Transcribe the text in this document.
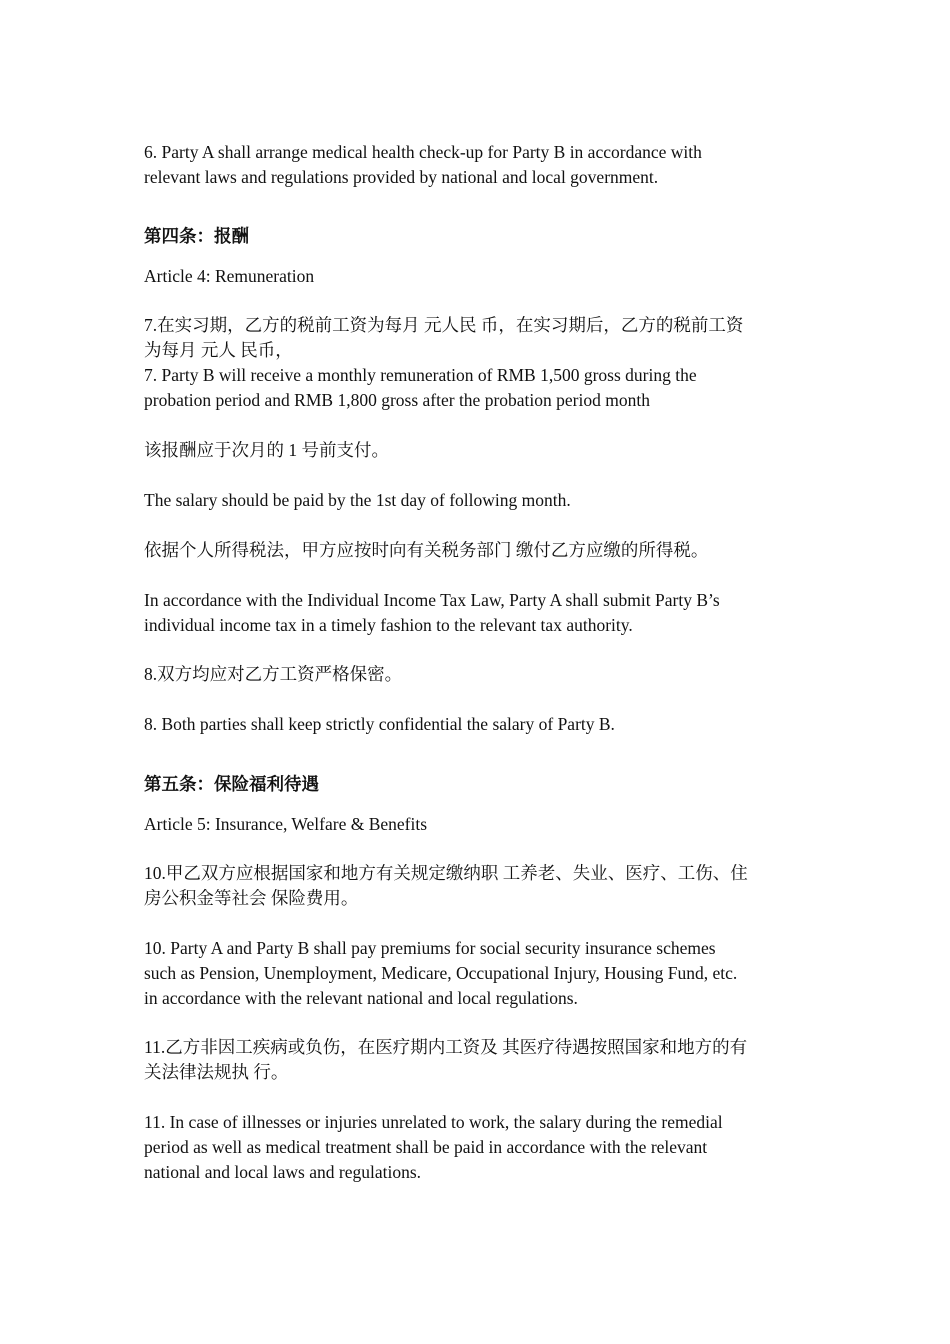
6. Party A shall arrange medical health check-up for Party B in accordance with
relevant laws and regulations provided by national and local government.

第四条：报酬

Article 4: Remuneration

7.在实习期，乙方的税前工资为每月 元人民 币，在实习期后，乙方的税前工资
为每月 元人 民币，
7. Party B will receive a monthly remuneration of RMB 1,500 gross during the
probation period and RMB 1,800 gross after the probation period month

该报酬应于次月的 1 号前支付。

The salary should be paid by the 1st day of following month.

依据个人所得税法，甲方应按时向有关税务部门 缴付乙方应缴的所得税。

In accordance with the Individual Income Tax Law, Party A shall submit Party B’s
individual income tax in a timely fashion to the relevant tax authority.

8.双方均应对乙方工资严格保密。

8. Both parties shall keep strictly confidential the salary of Party B.

第五条：保险福利待遇

Article 5: Insurance, Welfare & Benefits

10.甲乙双方应根据国家和地方有关规定缴纳职 工养老、失业、医疗、工伤、住
房公积金等社会 保险费用。

10. Party A and Party B shall pay premiums for social security insurance schemes
such as Pension, Unemployment, Medicare, Occupational Injury, Housing Fund, etc.
in accordance with the relevant national and local regulations.

11.乙方非因工疾病或负伤，在医疗期内工资及 其医疗待遇按照国家和地方的有
关法律法规执 行。

11. In case of illnesses or injuries unrelated to work, the salary during the remedial
period as well as medical treatment shall be paid in accordance with the relevant
national and local laws and regulations.
